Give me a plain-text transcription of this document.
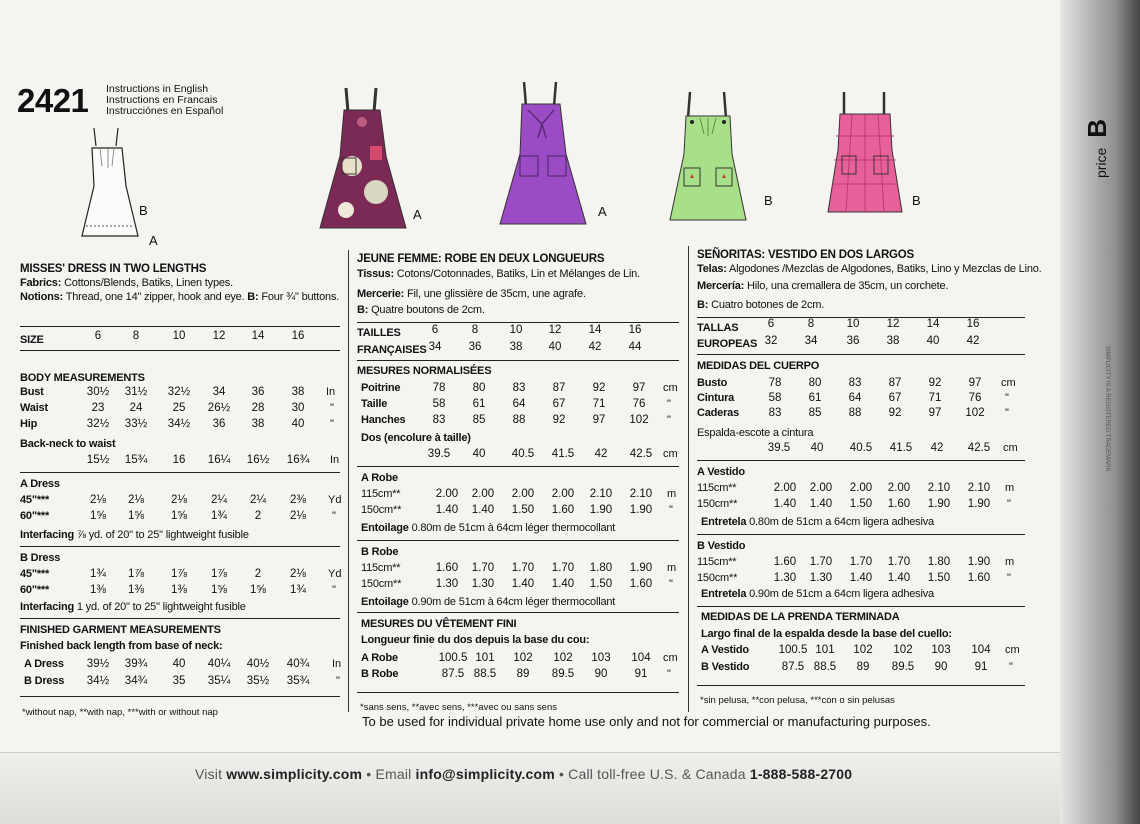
2421 Instructions in English
Instructions en Francais
Instrucciónes en Español
B
A
A	A
B	B
price B
SIMPLICITY IS A REGISTERED TRADEMARK
MISSES' DRESS IN TWO LENGTHS
Fabrics: Cottons/Blends, Batiks, Linen types.
Notions: Thread, one 14" zipper, hook and eye. B: Four ¾" buttons.
SIZE	6	8	10	12	14	16
BODY MEASUREMENTS
Bust	30½	31½	32½	34	36	38	In
Waist	23	24	25	26½	28	30	"
Hip	32½	33½	34½	36	38	40	"
Back-neck to waist
15½	15¾	16	16¼	16½	16¾	In
A Dress
45"***	2⅛	2⅛	2⅛	2¼	2¼	2⅜	Yd
60"***	1⅝	1⅝	1⅝	1¾	2	2⅛	"
Interfacing ⅞ yd. of 20" to 25" lightweight fusible
B Dress
45"***	1¾	1⅞	1⅞	1⅞	2	2⅛	Yd
60"***	1⅜	1⅜	1⅜	1⅝	1⅝	1¾	"
Interfacing 1 yd. of 20" to 25" lightweight fusible
FINISHED GARMENT MEASUREMENTS
Finished back length from base of neck:
A Dress	39½	39¾	40	40¼	40½	40¾	In
B Dress	34½	34¾	35	35¼	35½	35¾	"
*without nap, **with nap, ***with or without nap
JEUNE FEMME: ROBE EN DEUX LONGUEURS
Tissus: Cotons/Cotonnades, Batiks, Lin et Mélanges de Lin.
Mercerie: Fil, une glissière de 35cm, une agrafe.
B: Quatre boutons de 2cm.
TAILLES
FRANÇAISES
6	8	10	12	14	16
34	36	38	40	42	44
MESURES NORMALISÉES
Poitrine	78	80	83	87	92	97	cm
Taille	58	61	64	67	71	76	"
Hanches	83	85	88	92	97	102	"
Dos (encolure à taille)
39.5	40	40.5	41.5	42	42.5 cm
A Robe
115cm**	2.00	2.00	2.00	2.00	2.10	2.10	m
150cm**	1.40	1.40	1.50	1.60	1.90	1.90	"
Entoilage 0.80m de 51cm à 64cm léger thermocollant
B Robe
115cm**	1.60	1.70	1.70	1.70	1.80	1.90	m
150cm**	1.30	1.30	1.40	1.40	1.50	1.60	"
Entoilage 0.90m de 51cm à 64cm léger thermocollant
MESURES DU VÊTEMENT FINI
Longueur finie du dos depuis la base du cou:
A Robe	100.5 101	102	102	103	104	cm
B Robe	87.5 88.5	89	89.5	90	91	"
*sans sens, **avec sens, ***avec ou sans sens
SEÑORITAS: VESTIDO EN DOS LARGOS
Telas: Algodones /Mezclas de Algodones, Batiks, Lino y Mezclas de Lino.
Mercería: Hilo, una cremallera de 35cm, un corchete.
B: Cuatro botones de 2cm.
TALLAS
EUROPEAS
6	8	10	12	14	16
32	34	36	38	40	42
MEDIDAS DEL CUERPO
Busto	78	80	83	87	92	97	cm
Cintura	58	61	64	67	71	76	"
Caderas	83	85	88	92	97	102	"
Espalda-escote a cintura
39.5	40	40.5	41.5	42	42.5	cm
A Vestido
115cm**	2.00	2.00	2.00	2.00	2.10	2.10	m
150cm**	1.40	1.40	1.50	1.60	1.90	1.90	"
Entretela 0.80m de 51cm a 64cm ligera adhesiva
B Vestido
115cm**	1.60	1.70	1.70	1.70	1.80	1.90	m
150cm**	1.30	1.30	1.40	1.40	1.50	1.60	"
Entretela 0.90m de 51cm a 64cm ligera adhesiva
MEDIDAS DE LA PRENDA TERMINADA
Largo final de la espalda desde la base del cuello:
A Vestido	100.5 101	102	102	103	104	cm
B Vestido	87.5 88.5	89	89.5	90	91	"
*sin pelusa, **con pelusa, ***con o sin pelusas
To be used for individual private home use only and not for commercial or manufacturing purposes.
Visit www.simplicity.com • Email info@simplicity.com • Call toll-free U.S. & Canada 1-888-588-2700
